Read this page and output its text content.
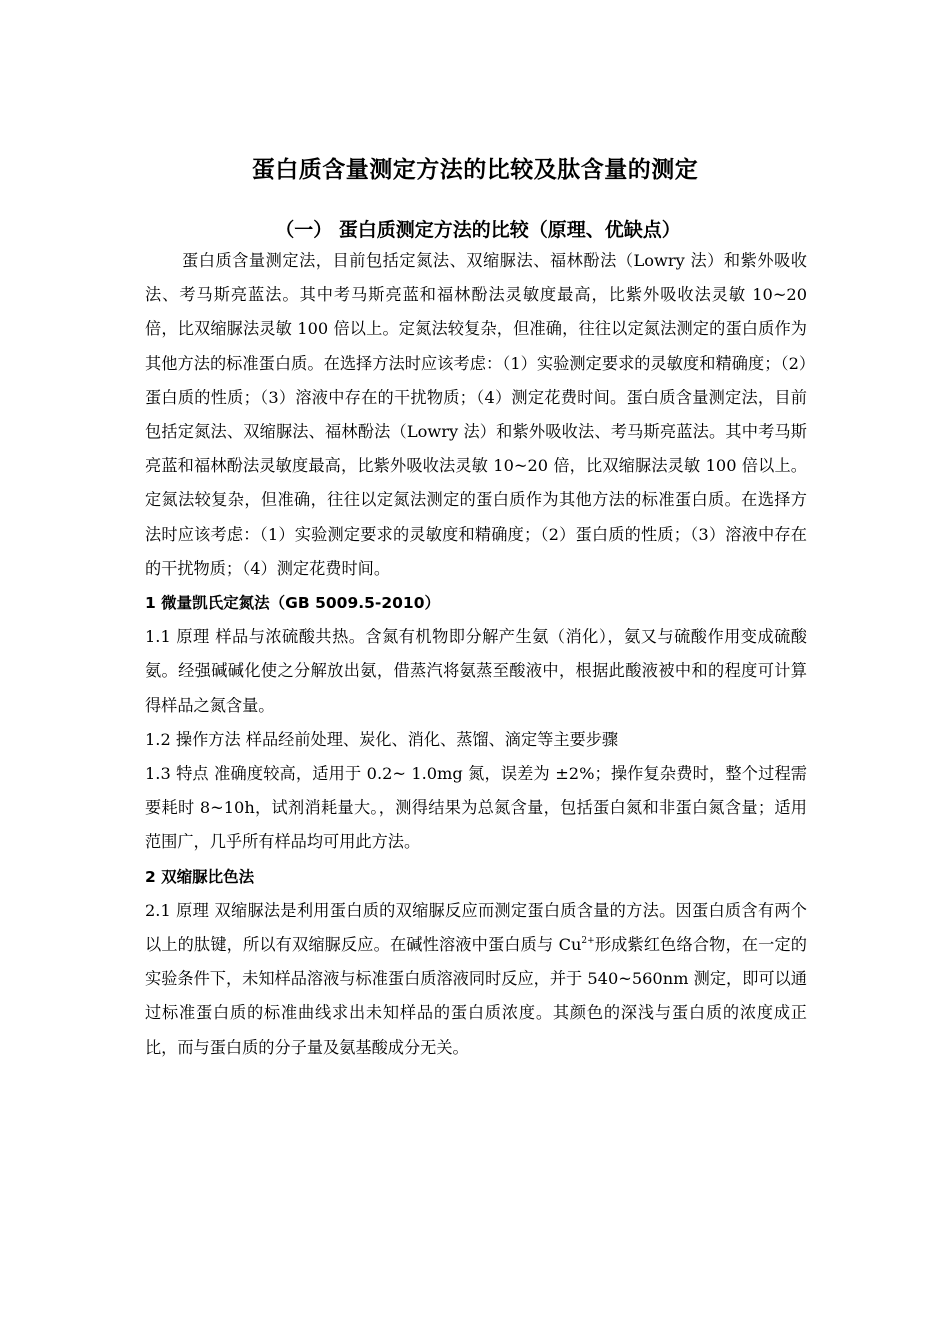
蛋白质含量测定方法的比较及肽含量的测定
（一） 蛋白质测定方法的比较（原理、优缺点）

蛋白质含量测定法，目前包括定氮法、双缩脲法、福林酚法（Lowry 法）和紫外吸收法、考马斯亮蓝法。其中考马斯亮蓝和福林酚法灵敏度最高，比紫外吸收法灵敏 10~20 倍，比双缩脲法灵敏 100 倍以上。定氮法较复杂，但准确，往往以定氮法测定的蛋白质作为其他方法的标准蛋白质。在选择方法时应该考虑：（1）实验测定要求的灵敏度和精确度；（2）蛋白质的性质；（3）溶液中存在的干扰物质；（4）测定花费时间。蛋白质含量测定法，目前包括定氮法、双缩脲法、福林酚法（Lowry 法）和紫外吸收法、考马斯亮蓝法。其中考马斯亮蓝和福林酚法灵敏度最高，比紫外吸收法灵敏 10~20 倍，比双缩脲法灵敏 100 倍以上。定氮法较复杂，但准确，往往以定氮法测定的蛋白质作为其他方法的标准蛋白质。在选择方法时应该考虑：（1）实验测定要求的灵敏度和精确度；（2）蛋白质的性质；（3）溶液中存在的干扰物质；（4）测定花费时间。

1 微量凯氏定氮法（GB 5009.5-2010）

1.1 原理 样品与浓硫酸共热。含氮有机物即分解产生氨（消化），氨又与硫酸作用变成硫酸氨。经强碱碱化使之分解放出氨，借蒸汽将氨蒸至酸液中，根据此酸液被中和的程度可计算得样品之氮含量。

1.2 操作方法 样品经前处理、炭化、消化、蒸馏、滴定等主要步骤

1.3 特点 准确度较高，适用于 0.2~ 1.0mg 氮，误差为 ±2%；操作复杂费时，整个过程需要耗时 8~10h，试剂消耗量大。，测得结果为总氮含量，包括蛋白氮和非蛋白氮含量；适用范围广，几乎所有样品均可用此方法。

2 双缩脲比色法

2.1 原理 双缩脲法是利用蛋白质的双缩脲反应而测定蛋白质含量的方法。因蛋白质含有两个以上的肽键，所以有双缩脲反应。在碱性溶液中蛋白质与 $Cu^{2+}$形成紫红色络合物，在一定的实验条件下，未知样品溶液与标准蛋白质溶液同时反应，并于 540~560nm 测定，即可以通过标准蛋白质的标准曲线求出未知样品的蛋白质浓度。其颜色的深浅与蛋白质的浓度成正比，而与蛋白质的分子量及氨基酸成分无关。
